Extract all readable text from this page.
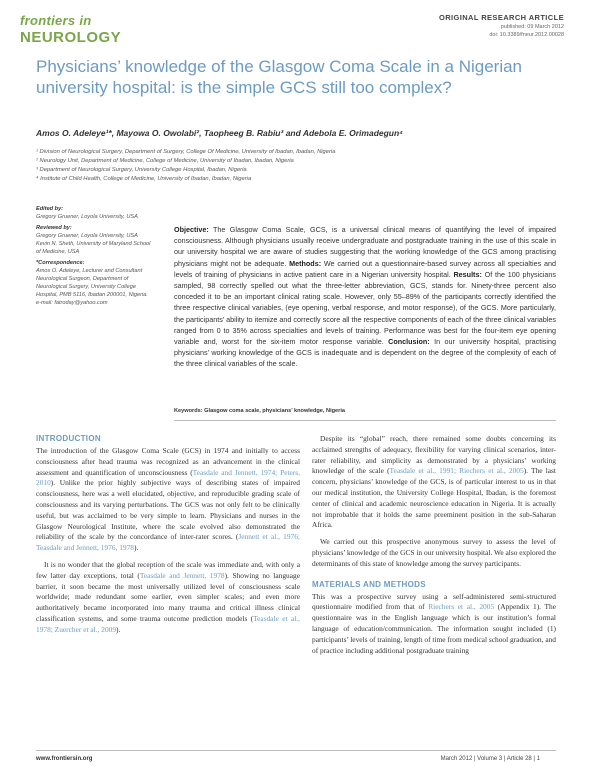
frontiers in
NEUROLOGY
ORIGINAL RESEARCH ARTICLE
published: 09 March 2012
doi: 10.3389/fneur.2012.00028
Physicians’ knowledge of the Glasgow Coma Scale in a Nigerian university hospital: is the simple GCS still too complex?
Amos O. Adeleye¹*, Mayowa O. Owolabi², Taopheeg B. Rabiu³ and Adebola E. Orimadegun⁴
¹ Division of Neurological Surgery, Department of Surgery, College Of Medicine, University of Ibadan, Ibadan, Nigeria
² Neurology Unit, Department of Medicine, College of Medicine, University of Ibadan, Ibadan, Nigeria
³ Department of Neurological Surgery, University College Hospital, Ibadan, Nigeria
⁴ Institute of Child Health, College of Medicine, University of Ibadan, Ibadan, Nigeria
Edited by:
Gregory Gruener, Loyola University, USA
Reviewed by:
Gregory Gruener, Loyola University, USA
Kevin N. Sheth, University of Maryland School of Medicine, USA
*Correspondence:
Amos O. Adeleye, Lecturer and Consultant Neurological Surgeon, Department of Neurological Surgery, University College Hospital, PMB 5116, Ibadan 200001, Nigeria.
e-mail: fatroday@yahoo.com
Objective: The Glasgow Coma Scale, GCS, is a universal clinical means of quantifying the level of impaired consciousness. Although physicians usually receive undergraduate and postgraduate training in the use of this scale in our university hospital we are aware of studies suggesting that the working knowledge of the GCS among practising physicians might not be adequate. Methods: We carried out a questionnaire-based survey across all specialties and levels of training of physicians in active patient care in a Nigerian university hospital. Results: Of the 100 physicians sampled, 98 correctly spelled out what the three-letter abbreviation, GCS, stands for. Ninety-three percent also conceded it to be an important clinical rating scale. However, only 55–89% of the participants correctly identified the three respective clinical variables, (eye opening, verbal response, and motor response), of the GCS. More particularly, the participants’ ability to itemize and correctly score all the respective components of each of the three clinical variables ranged from 0 to 35% across specialties and levels of training. Performance was best for the four-item eye opening variable and, worst for the six-item motor response variable. Conclusion: In our university hospital, practising physicians’ working knowledge of the GCS is inadequate and is dependent on the degree of the complexity of each of the three clinical variables of the scale.
Keywords: Glasgow coma scale, physicians’ knowledge, Nigeria
INTRODUCTION

The introduction of the Glasgow Coma Scale (GCS) in 1974 and initially to access consciousness after head trauma was recognized as an advancement in the clinical assessment and quantification of unconsciousness (Teasdale and Jennett, 1974; Peters, 2010). Unlike the prior highly subjective ways of describing states of impaired consciousness, here was a well elucidated, objective, and reproducible grading scale of consciousness and its varying perturbations. The GCS was not only felt to be clinically useful, but was acclaimed to be very simple to learn. Physicians and nurses in the Glasgow Neurological Institute, where the scale evolved also demonstrated the reliability of the scale by the concordance of inter-rater scores. (Jennett et al., 1976; Teasdale and Jennett, 1976, 1978).

It is no wonder that the global reception of the scale was immediate and, with only a few latter day exceptions, total (Teasdale and Jennett, 1978). Showing no language barrier, it soon became the most universally utilized level of consciousness scale worldwide; made redundant some earlier, even simpler scales; and even more authoritatively became incorporated into many trauma and critical illness clinical classification systems, and some trauma outcome prediction models (Teasdale et al., 1978; Zuercher et al., 2009).

Despite its “global” reach, there remained some doubts concerning its acclaimed strengths of adequacy, flexibility for varying clinical scenarios, inter-rater reliability, and simplicity as demonstrated by a physicians’ working knowledge of the scale (Teasdale et al., 1991; Riechers et al., 2005). The last concern, physicians’ knowledge of the GCS, is of particular interest to us in that our medical institution, the University College Hospital, Ibadan, is the foremost center of clinical and academic neuroscience education in Nigeria. It is actually not improbable that it holds the same preeminent position in the sub-Saharan Africa.

We carried out this prospective anonymous survey to assess the level of physicians’ knowledge of the GCS in our university hospital. We also explored the determinants of this state of knowledge among the survey participants.

MATERIALS AND METHODS

This was a prospective survey using a self-administered semi-structured questionnaire modified from that of Riechers et al., 2005 (Appendix 1). The questionnaire was in the English language which is our institution’s formal language of education/communication. The information sought included (1) participants’ levels of training, length of time from medical school graduation, and of practice including additional postgraduate training

www.frontiersin.org	March 2012 | Volume 3 | Article 28 | 1
